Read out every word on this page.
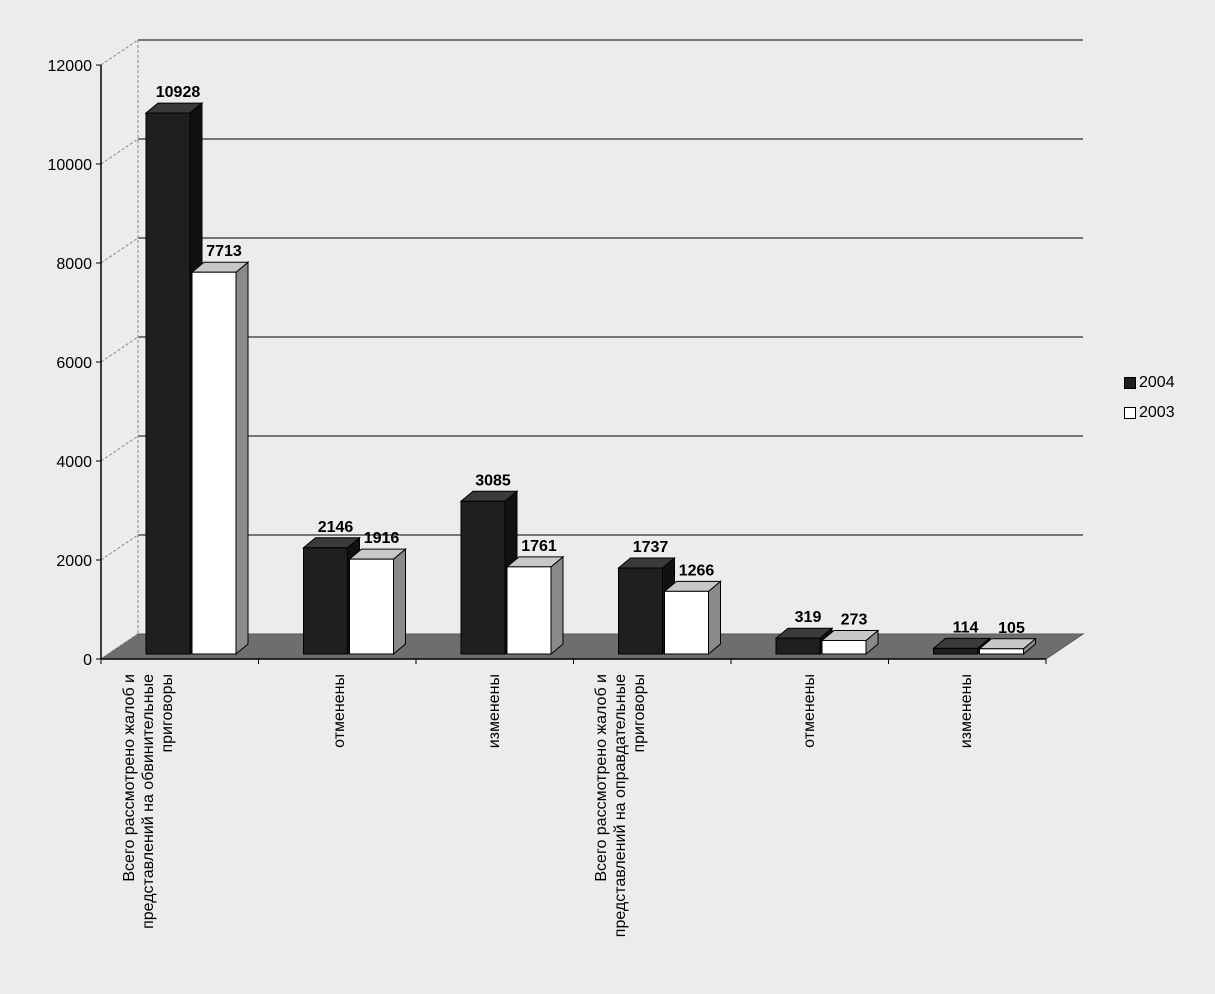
0
2000
4000
6000
8000
10000
12000
10928
7713
2146
1916
3085
1761	1737
1266
319 273	114 105
2004
2003
Всего рассмотрено жалоб и представлений на обвинительные приговоры	отменены	изменены	Всего рассмотрено жалоб и представлений на оправдательные приговоры	отменены	изменены
